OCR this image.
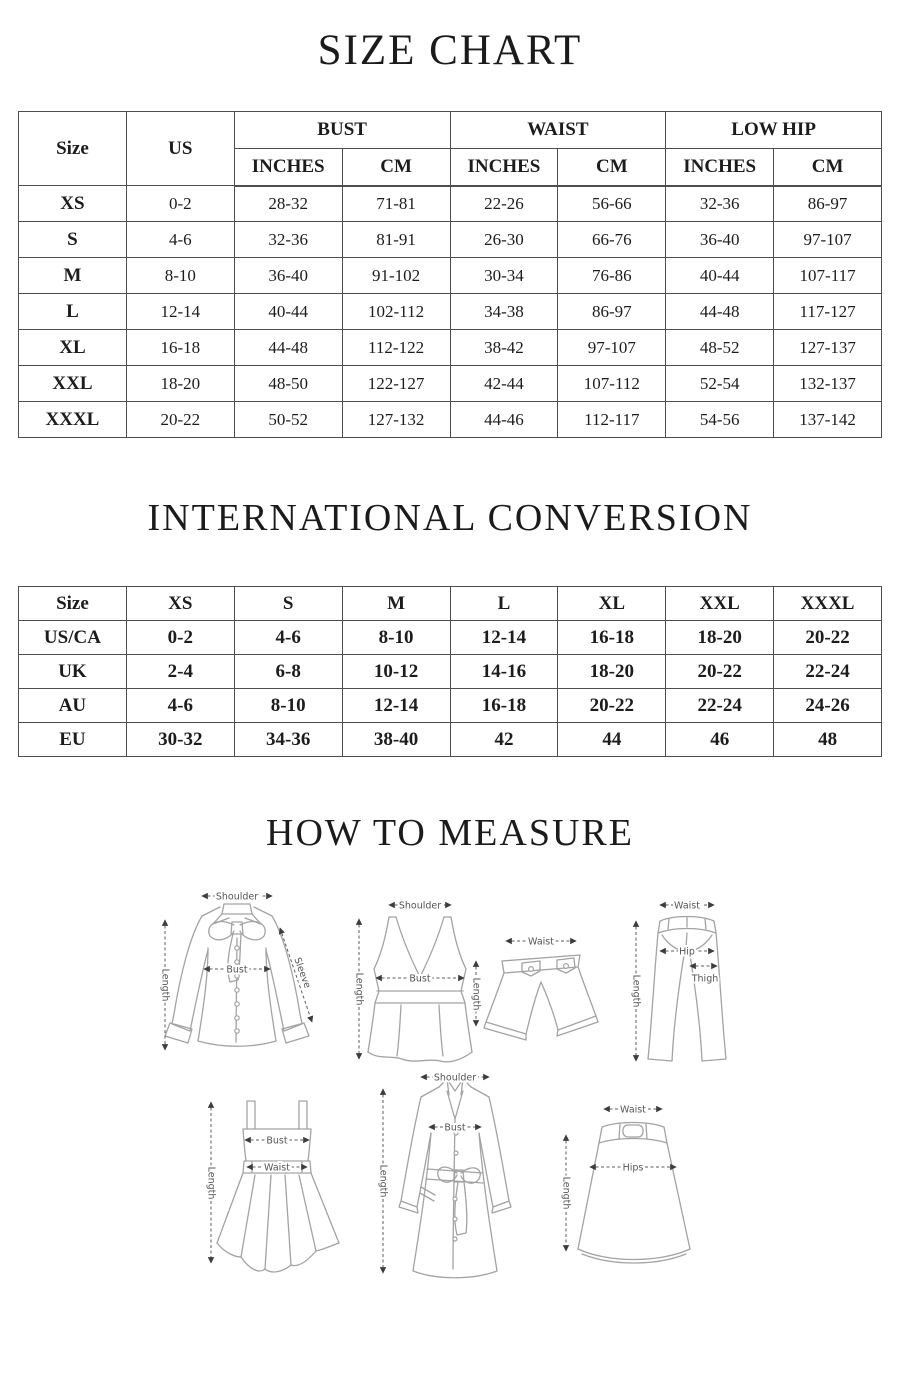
SIZE CHART
Size	US	BUST		WAIST		LOW HIP	
		INCHES	CM	INCHES	CM	INCHES	CM
XS	0-2	28-32	71-81	22-26	56-66	32-36	86-97
S	4-6	32-36	81-91	26-30	66-76	36-40	97-107
M	8-10	36-40	91-102	30-34	76-86	40-44	107-117
L	12-14	40-44	102-112	34-38	86-97	44-48	117-127
XL	16-18	44-48	112-122	38-42	97-107	48-52	127-137
XXL	18-20	48-50	122-127	42-44	107-112	52-54	132-137
XXXL	20-22	50-52	127-132	44-46	112-117	54-56	137-142
INTERNATIONAL CONVERSION
Size	XS	S	M	L	XL	XXL	XXXL
US/CA	0-2	4-6	8-10	12-14	16-18	18-20	20-22
UK	2-4	6-8	10-12	14-16	18-20	20-22	22-24
AU	4-6	8-10	12-14	16-18	20-22	22-24	24-26
EU	30-32	34-36	38-40	42	44	46	48
HOW TO MEASURE
Shoulder
Bust
Length	Sleeve
Shoulder
Bust
Length
Waist
Length
Waist
Hip
Thigh
Length
Bust
Waist
Length
Shoulder
Bust
Length
Waist
Hips
Length
